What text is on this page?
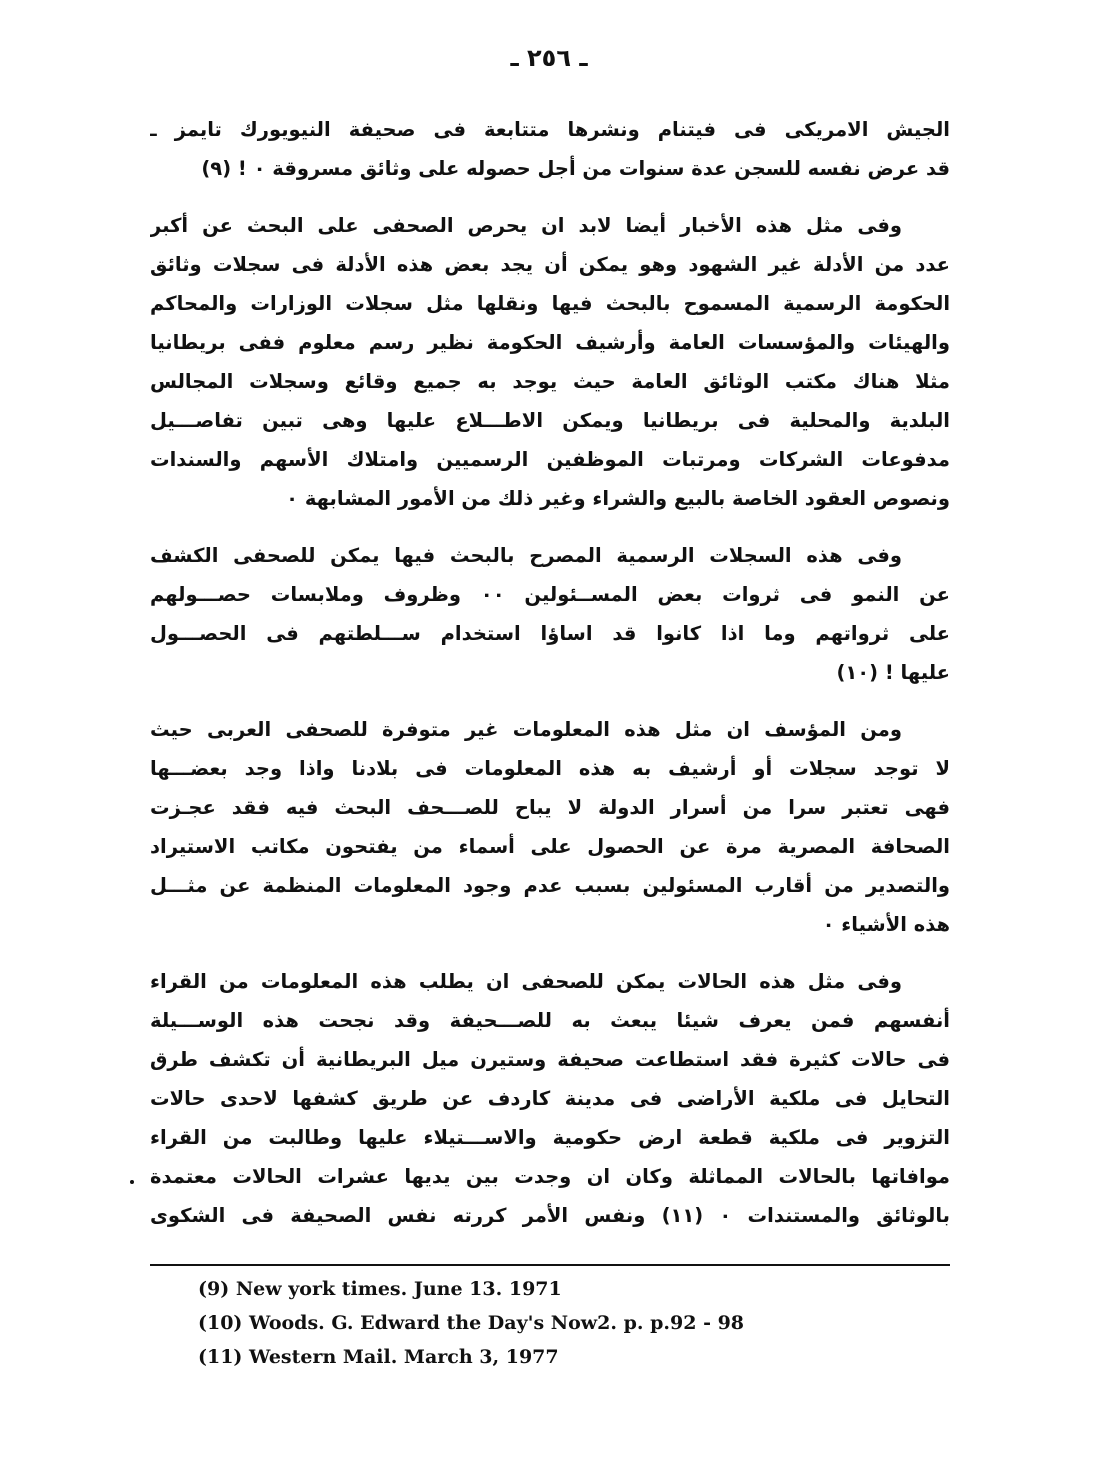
ـ ٢٥٦ ـ
الجيش الامريكى فى فيتنام ونشرها متتابعة فى صحيفة النيويورك تايمز ـ
قد عرض نفسه للسجن عدة سنوات من أجل حصوله على وثائق مسروقة ٠ ! (٩)
وفى مثل هذه الأخبار أيضا لابد ان يحرص الصحفى على البحث عن أكبر
عدد من الأدلة غير الشهود وهو يمكن أن يجد بعض هذه الأدلة فى سجلات وثائق
الحكومة الرسمية المسموح بالبحث فيها ونقلها مثل سجلات الوزارات والمحاكم
والهيئات والمؤسسات العامة وأرشيف الحكومة نظير رسم معلوم ففى بريطانيا
مثلا هناك مكتب الوثائق العامة حيث يوجد به جميع وقائع وسجلات المجالس
البلدية والمحلية فى بريطانيا ويمكن الاطـــلاع عليها وهى تبين تفاصـــيل
مدفوعات الشركات ومرتبات الموظفين الرسميين وامتلاك الأسهم والسندات
ونصوص العقود الخاصة بالبيع والشراء وغير ذلك من الأمور المشابهة ٠
وفى هذه السجلات الرسمية المصرح بالبحث فيها يمكن للصحفى الكشف
عن النمو فى ثروات بعض المســئولين ٠٠ وظروف وملابسات حصـــولهم
على ثرواتهم وما اذا كانوا قد اساؤا استخدام ســـلطتهم فى الحصـــول
عليها ! (١٠)
ومن المؤسف ان مثل هذه المعلومات غير متوفرة للصحفى العربى حيث
لا توجد سجلات أو أرشيف به هذه المعلومات فى بلادنا واذا وجد بعضـــها
فهى تعتبر سرا من أسرار الدولة لا يباح للصـــحف البحث فيه فقد عجـزت
الصحافة المصرية مرة عن الحصول على أسماء من يفتحون مكاتب الاستيراد
والتصدير من أقارب المسئولين بسبب عدم وجود المعلومات المنظمة عن مثـــل
هذه الأشياء ٠
وفى مثل هذه الحالات يمكن للصحفى ان يطلب هذه المعلومات من القراء
أنفسهم فمن يعرف شيئا يبعث به للصـــحيفة وقد نجحت هذه الوســـيلة
فى حالات كثيرة فقد استطاعت صحيفة وستيرن ميل البريطانية أن تكشف طرق
التحايل فى ملكية الأراضى فى مدينة كاردف عن طريق كشفها لاحدى حالات
التزوير فى ملكية قطعة ارض حكومية والاســـتيلاء عليها وطالبت من القراء
موافاتها بالحالات المماثلة وكان ان وجدت بين يديها عشرات الحالات معتمدة
بالوثائق والمستندات ٠ (١١) ونفس الأمر كررته نفس الصحيفة فى الشكوى
(9) New york times. June 13. 1971
(10) Woods. G. Edward the Day's Now2. p. p.92 - 98
(11) Western Mail. March 3, 1977
